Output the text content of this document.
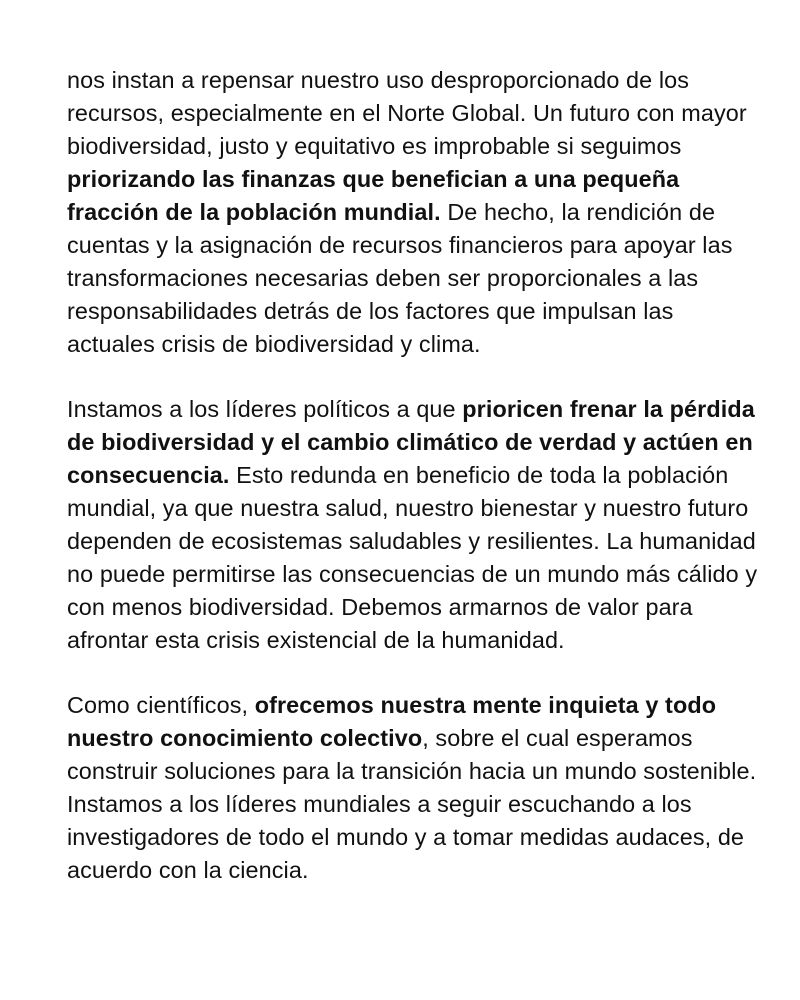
nos instan a repensar nuestro uso desproporcionado de los recursos, especialmente en el Norte Global. Un futuro con mayor biodiversidad, justo y equitativo es improbable si seguimos priorizando las finanzas que benefician a una pequeña fracción de la población mundial. De hecho, la rendición de cuentas y la asignación de recursos financieros para apoyar las transformaciones necesarias deben ser proporcionales a las responsabilidades detrás de los factores que impulsan las actuales crisis de biodiversidad y clima.

Instamos a los líderes políticos a que prioricen frenar la pérdida de biodiversidad y el cambio climático de verdad y actúen en consecuencia. Esto redunda en beneficio de toda la población mundial, ya que nuestra salud, nuestro bienestar y nuestro futuro dependen de ecosistemas saludables y resilientes. La humanidad no puede permitirse las consecuencias de un mundo más cálido y con menos biodiversidad. Debemos armarnos de valor para afrontar esta crisis existencial de la humanidad.

Como científicos, ofrecemos nuestra mente inquieta y todo nuestro conocimiento colectivo, sobre el cual esperamos construir soluciones para la transición hacia un mundo sostenible. Instamos a los líderes mundiales a seguir escuchando a los investigadores de todo el mundo y a tomar medidas audaces, de acuerdo con la ciencia.
